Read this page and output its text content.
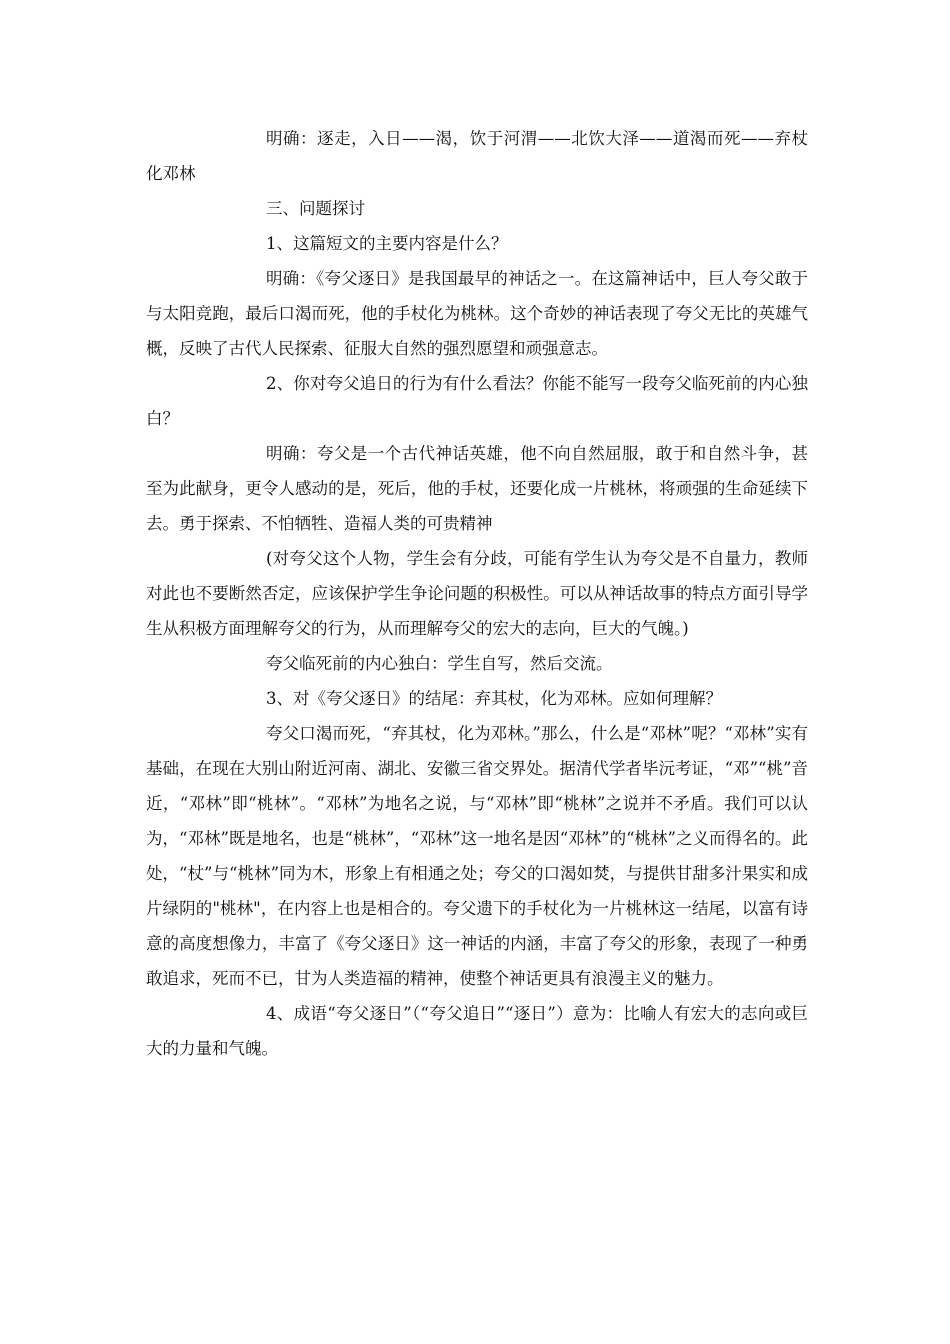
明确：逐走，入日——渴，饮于河渭——北饮大泽——道渴而死——弃杖化邓林

三、问题探讨

1、这篇短文的主要内容是什么？

明确：《夸父逐日》是我国最早的神话之一。在这篇神话中，巨人夸父敢于与太阳竞跑，最后口渴而死，他的手杖化为桃林。这个奇妙的神话表现了夸父无比的英雄气概，反映了古代人民探索、征服大自然的强烈愿望和顽强意志。

2、你对夸父追日的行为有什么看法？你能不能写一段夸父临死前的内心独白？

明确：夸父是一个古代神话英雄，他不向自然屈服，敢于和自然斗争，甚至为此献身，更令人感动的是，死后，他的手杖，还要化成一片桃林，将顽强的生命延续下去。勇于探索、不怕牺牲、造福人类的可贵精神

(对夸父这个人物，学生会有分歧，可能有学生认为夸父是不自量力，教师对此也不要断然否定，应该保护学生争论问题的积极性。可以从神话故事的特点方面引导学生从积极方面理解夸父的行为，从而理解夸父的宏大的志向，巨大的气魄。)

夸父临死前的内心独白：学生自写，然后交流。

3、对《夸父逐日》的结尾：弃其杖，化为邓林。应如何理解？

夸父口渴而死，“弃其杖，化为邓林。”那么，什么是“邓林”呢？“邓林”实有基础，在现在大别山附近河南、湖北、安徽三省交界处。据清代学者毕沅考证，“邓”“桃”音近，“邓林”即“桃林”。“邓林”为地名之说，与“邓林”即“桃林”之说并不矛盾。我们可以认为，“邓林”既是地名，也是“桃林”，“邓林”这一地名是因“邓林”的“桃林”之义而得名的。此处，“杖”与“桃林”同为木，形象上有相通之处；夸父的口渴如焚，与提供甘甜多汁果实和成片绿阴的"桃林"，在内容上也是相合的。夸父遗下的手杖化为一片桃林这一结尾，以富有诗意的高度想像力，丰富了《夸父逐日》这一神话的内涵，丰富了夸父的形象，表现了一种勇敢追求，死而不已，甘为人类造福的精神，使整个神话更具有浪漫主义的魅力。

4、成语“夸父逐日”（“夸父追日”“逐日”）意为：比喻人有宏大的志向或巨大的力量和气魄。
